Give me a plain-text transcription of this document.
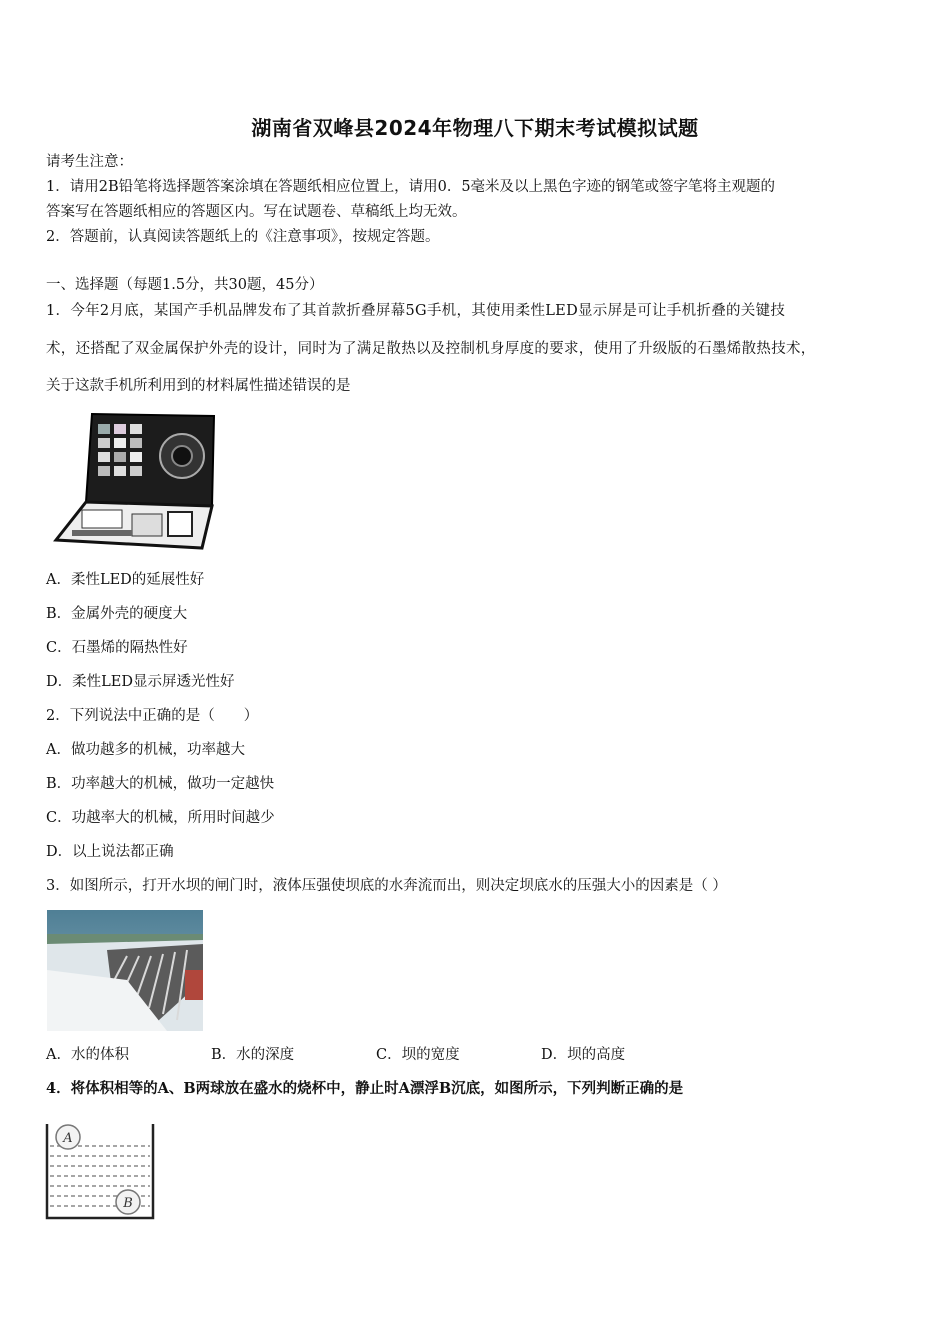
湖南省双峰县2024年物理八下期末考试模拟试题
请考生注意：
1．请用2B铅笔将选择题答案涂填在答题纸相应位置上，请用0．5毫米及以上黑色字迹的钢笔或签字笔将主观题的
答案写在答题纸相应的答题区内。写在试题卷、草稿纸上均无效。
2．答题前，认真阅读答题纸上的《注意事项》，按规定答题。
一、选择题（每题1.5分，共30题，45分）
1．今年2月底，某国产手机品牌发布了其首款折叠屏幕5G手机，其使用柔性LED显示屏是可让手机折叠的关键技
术，还搭配了双金属保护外壳的设计，同时为了满足散热以及控制机身厚度的要求，使用了升级版的石墨烯散热技术，
关于这款手机所利用到的材料属性描述错误的是
A．柔性LED的延展性好
B．金属外壳的硬度大
C．石墨烯的隔热性好
D．柔性LED显示屏透光性好
2．下列说法中正确的是（　　）
A．做功越多的机械，功率越大
B．功率越大的机械，做功一定越快
C．功越率大的机械，所用时间越少
D．以上说法都正确
3．如图所示，打开水坝的闸门时，液体压强使坝底的水奔流而出，则决定坝底水的压强大小的因素是（ ）
A．水的体积	B．水的深度	C．坝的宽度	D．坝的高度
4．将体积相等的A、B两球放在盛水的烧杯中，静止时A漂浮B沉底，如图所示，下列判断正确的是
A
B
